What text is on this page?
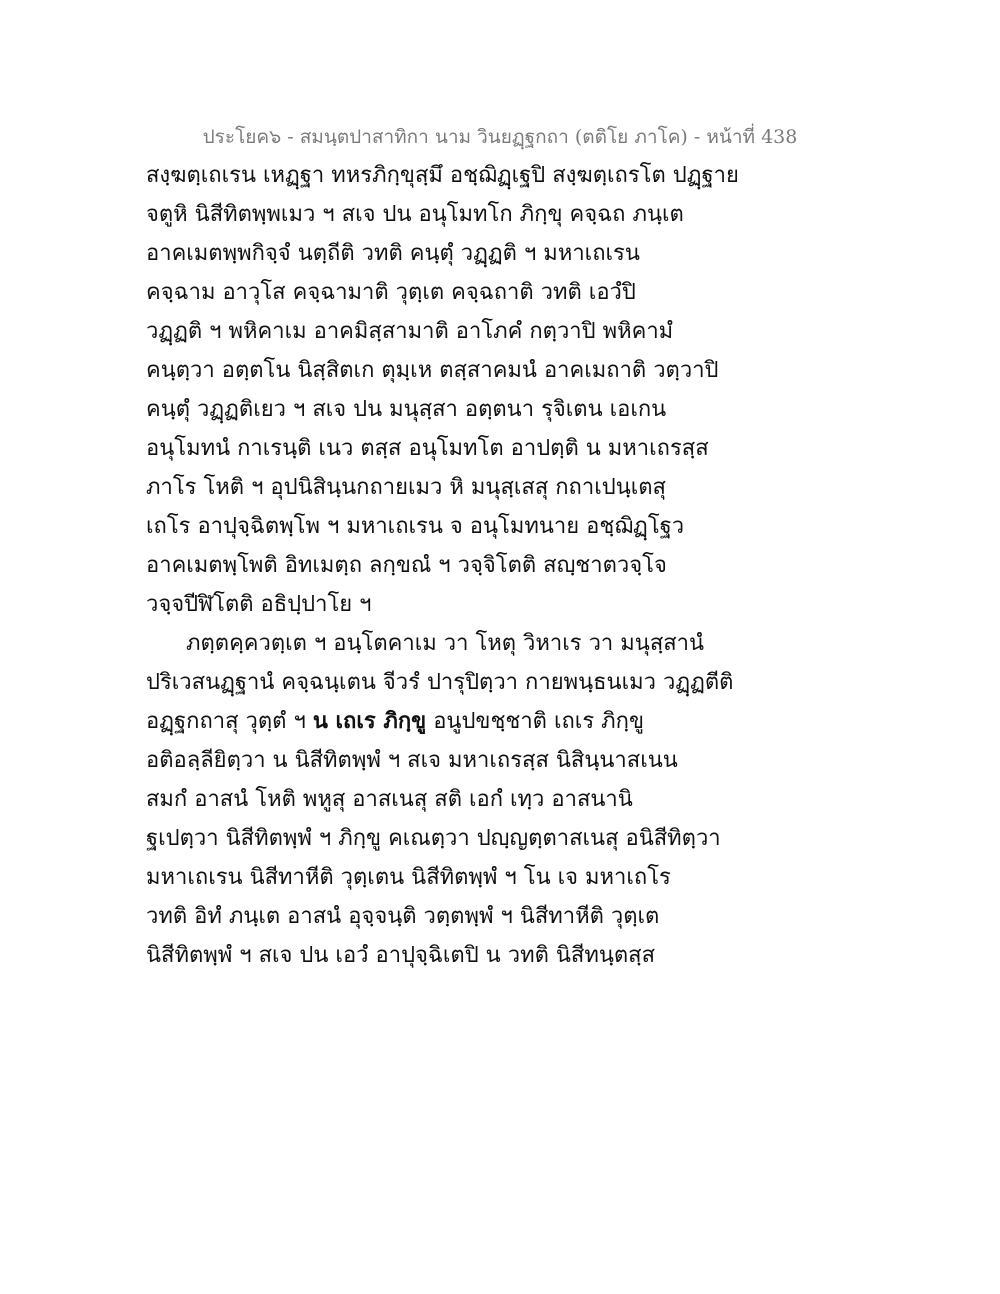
ประโยค๖ - สมนฺตปาสาทิกา นาม วินยฏฺฐกถา (ตติโย ภาโค) - หน้าที่ 438
สงฺฆตฺเถเรน เหฏฺฐา ทหรภิกฺขุสฺมึ อชฺฌิฏฺเฐปิ สงฺฆตฺเถรโต ปฏฺฐาย
จตูหิ นิสีทิตพฺพเมว ฯ สเจ ปน อนุโมทโก ภิกฺขุ คจฺฉถ ภนฺเต
อาคเมตพฺพกิจฺจํ นตฺถีติ วทติ คนฺตุํ วฏฺฏติ ฯ มหาเถเรน
คจฺฉาม อาวุโส คจฺฉามาติ วุตฺเต คจฺฉถาติ วทติ เอวํปิ
วฏฺฏติ ฯ พหิคาเม อาคมิสฺสามาติ อาโภคํ กตฺวาปิ พหิคามํ
คนฺตฺวา อตฺตโน นิสฺสิตเก ตุมฺเห ตสฺสาคมนํ อาคเมถาติ วตฺวาปิ
คนฺตุํ วฏฺฏติเยว ฯ สเจ ปน มนุสฺสา อตฺตนา รุจิเตน เอเกน
อนุโมทนํ กาเรนฺติ เนว ตสฺส อนุโมทโต อาปตฺติ น มหาเถรสฺส
ภาโร โหติ ฯ อุปนิสินฺนกถายเมว หิ มนุสฺเสสุ กถาเปนฺเตสุ
เถโร อาปุจฺฉิตพฺโพ ฯ มหาเถเรน จ อนุโมทนาย อชฺฌิฏฺโฐว
อาคเมตพฺโพติ อิทเมตฺถ ลกฺขณํ ฯ วจฺจิโตติ สญฺชาตวจฺโจ
วจฺจปีฬิโตติ อธิปฺปาโย ฯ
ภตฺตคฺควตฺเต ฯ อนฺโตคาเม วา โหตุ วิหาเร วา มนุสฺสานํ
ปริเวสนฏฺฐานํ คจฺฉนฺเตน จีวรํ ปารุปิตฺวา กายพนฺธนเมว วฏฺฏตีติ
อฏฺฐกถาสุ วุตฺตํ ฯ น เถเร ภิกฺขู อนูปขชฺชาติ เถเร ภิกฺขู
อติอลฺลียิตฺวา น นิสีทิตพฺพํ ฯ สเจ มหาเถรสฺส นิสินฺนาสเนน
สมกํ อาสนํ โหติ พหูสุ อาสเนสุ สติ เอกํ เทฺว อาสนานิ
ฐเปตฺวา นิสีทิตพฺพํ ฯ ภิกฺขู คเณตฺวา ปญฺญตฺตาสเนสุ อนิสีทิตฺวา
มหาเถเรน นิสีทาหีติ วุตฺเตน นิสีทิตพฺพํ ฯ โน เจ มหาเถโร
วทติ อิทํ ภนฺเต อาสนํ อุจฺจนฺติ วตฺตพฺพํ ฯ นิสีทาหีติ วุตฺเต
นิสีทิตพฺพํ ฯ สเจ ปน เอวํ อาปุจฺฉิเตปิ น วทติ นิสีทนฺตสฺส
